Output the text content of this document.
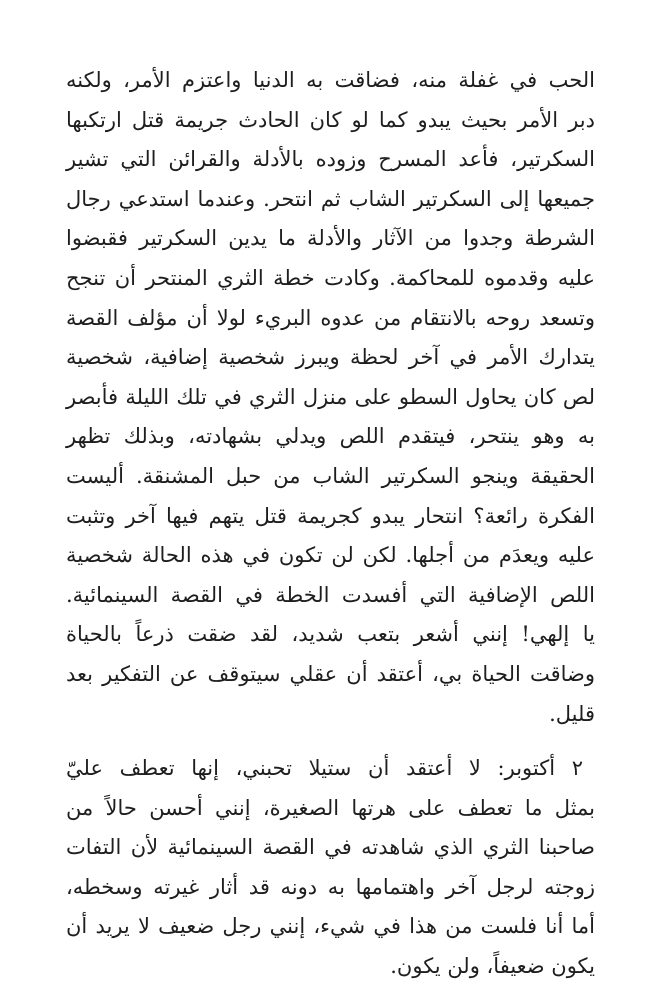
الحب في غفلة منه، فضاقت به الدنيا واعتزم الأمر، ولكنه
دبر الأمر بحيث يبدو كما لو كان الحادث جريمة قتل ارتكبها
السكرتير، فأعد المسرح وزوده بالأدلة والقرائن التي تشير
جميعها إلى السكرتير الشاب ثم انتحر. وعندما استدعي رجال
الشرطة وجدوا من الآثار والأدلة ما يدين السكرتير فقبضوا
عليه وقدموه للمحاكمة. وكادت خطة الثري المنتحر أن تنجح
وتسعد روحه بالانتقام من عدوه البريء لولا أن مؤلف القصة
يتدارك الأمر في آخر لحظة ويبرز شخصية إضافية، شخصية
لص كان يحاول السطو على منزل الثري في تلك الليلة فأبصر
به وهو ينتحر، فيتقدم اللص ويدلي بشهادته، وبذلك تظهر
الحقيقة وينجو السكرتير الشاب من حبل المشنقة. أليست
الفكرة رائعة؟ انتحار يبدو كجريمة قتل يتهم فيها آخر وتثبت
عليه ويعدَم من أجلها. لكن لن تكون في هذه الحالة شخصية
اللص الإضافية التي أفسدت الخطة في القصة السينمائية.
يا إلهي! إنني أشعر بتعب شديد، لقد ضقت ذرعاً بالحياة
وضاقت الحياة بي، أعتقد أن عقلي سيتوقف عن التفكير بعد
قليل.
٢ أكتوبر: لا أعتقد أن ستيلا تحبني، إنها تعطف عليّ
بمثل ما تعطف على هرتها الصغيرة، إنني أحسن حالاً من
صاحبنا الثري الذي شاهدته في القصة السينمائية لأن التفات
زوجته لرجل آخر واهتمامها به دونه قد أثار غيرته وسخطه،
أما أنا فلست من هذا في شيء، إنني رجل ضعيف لا يريد أن
يكون ضعيفاً، ولن يكون.
